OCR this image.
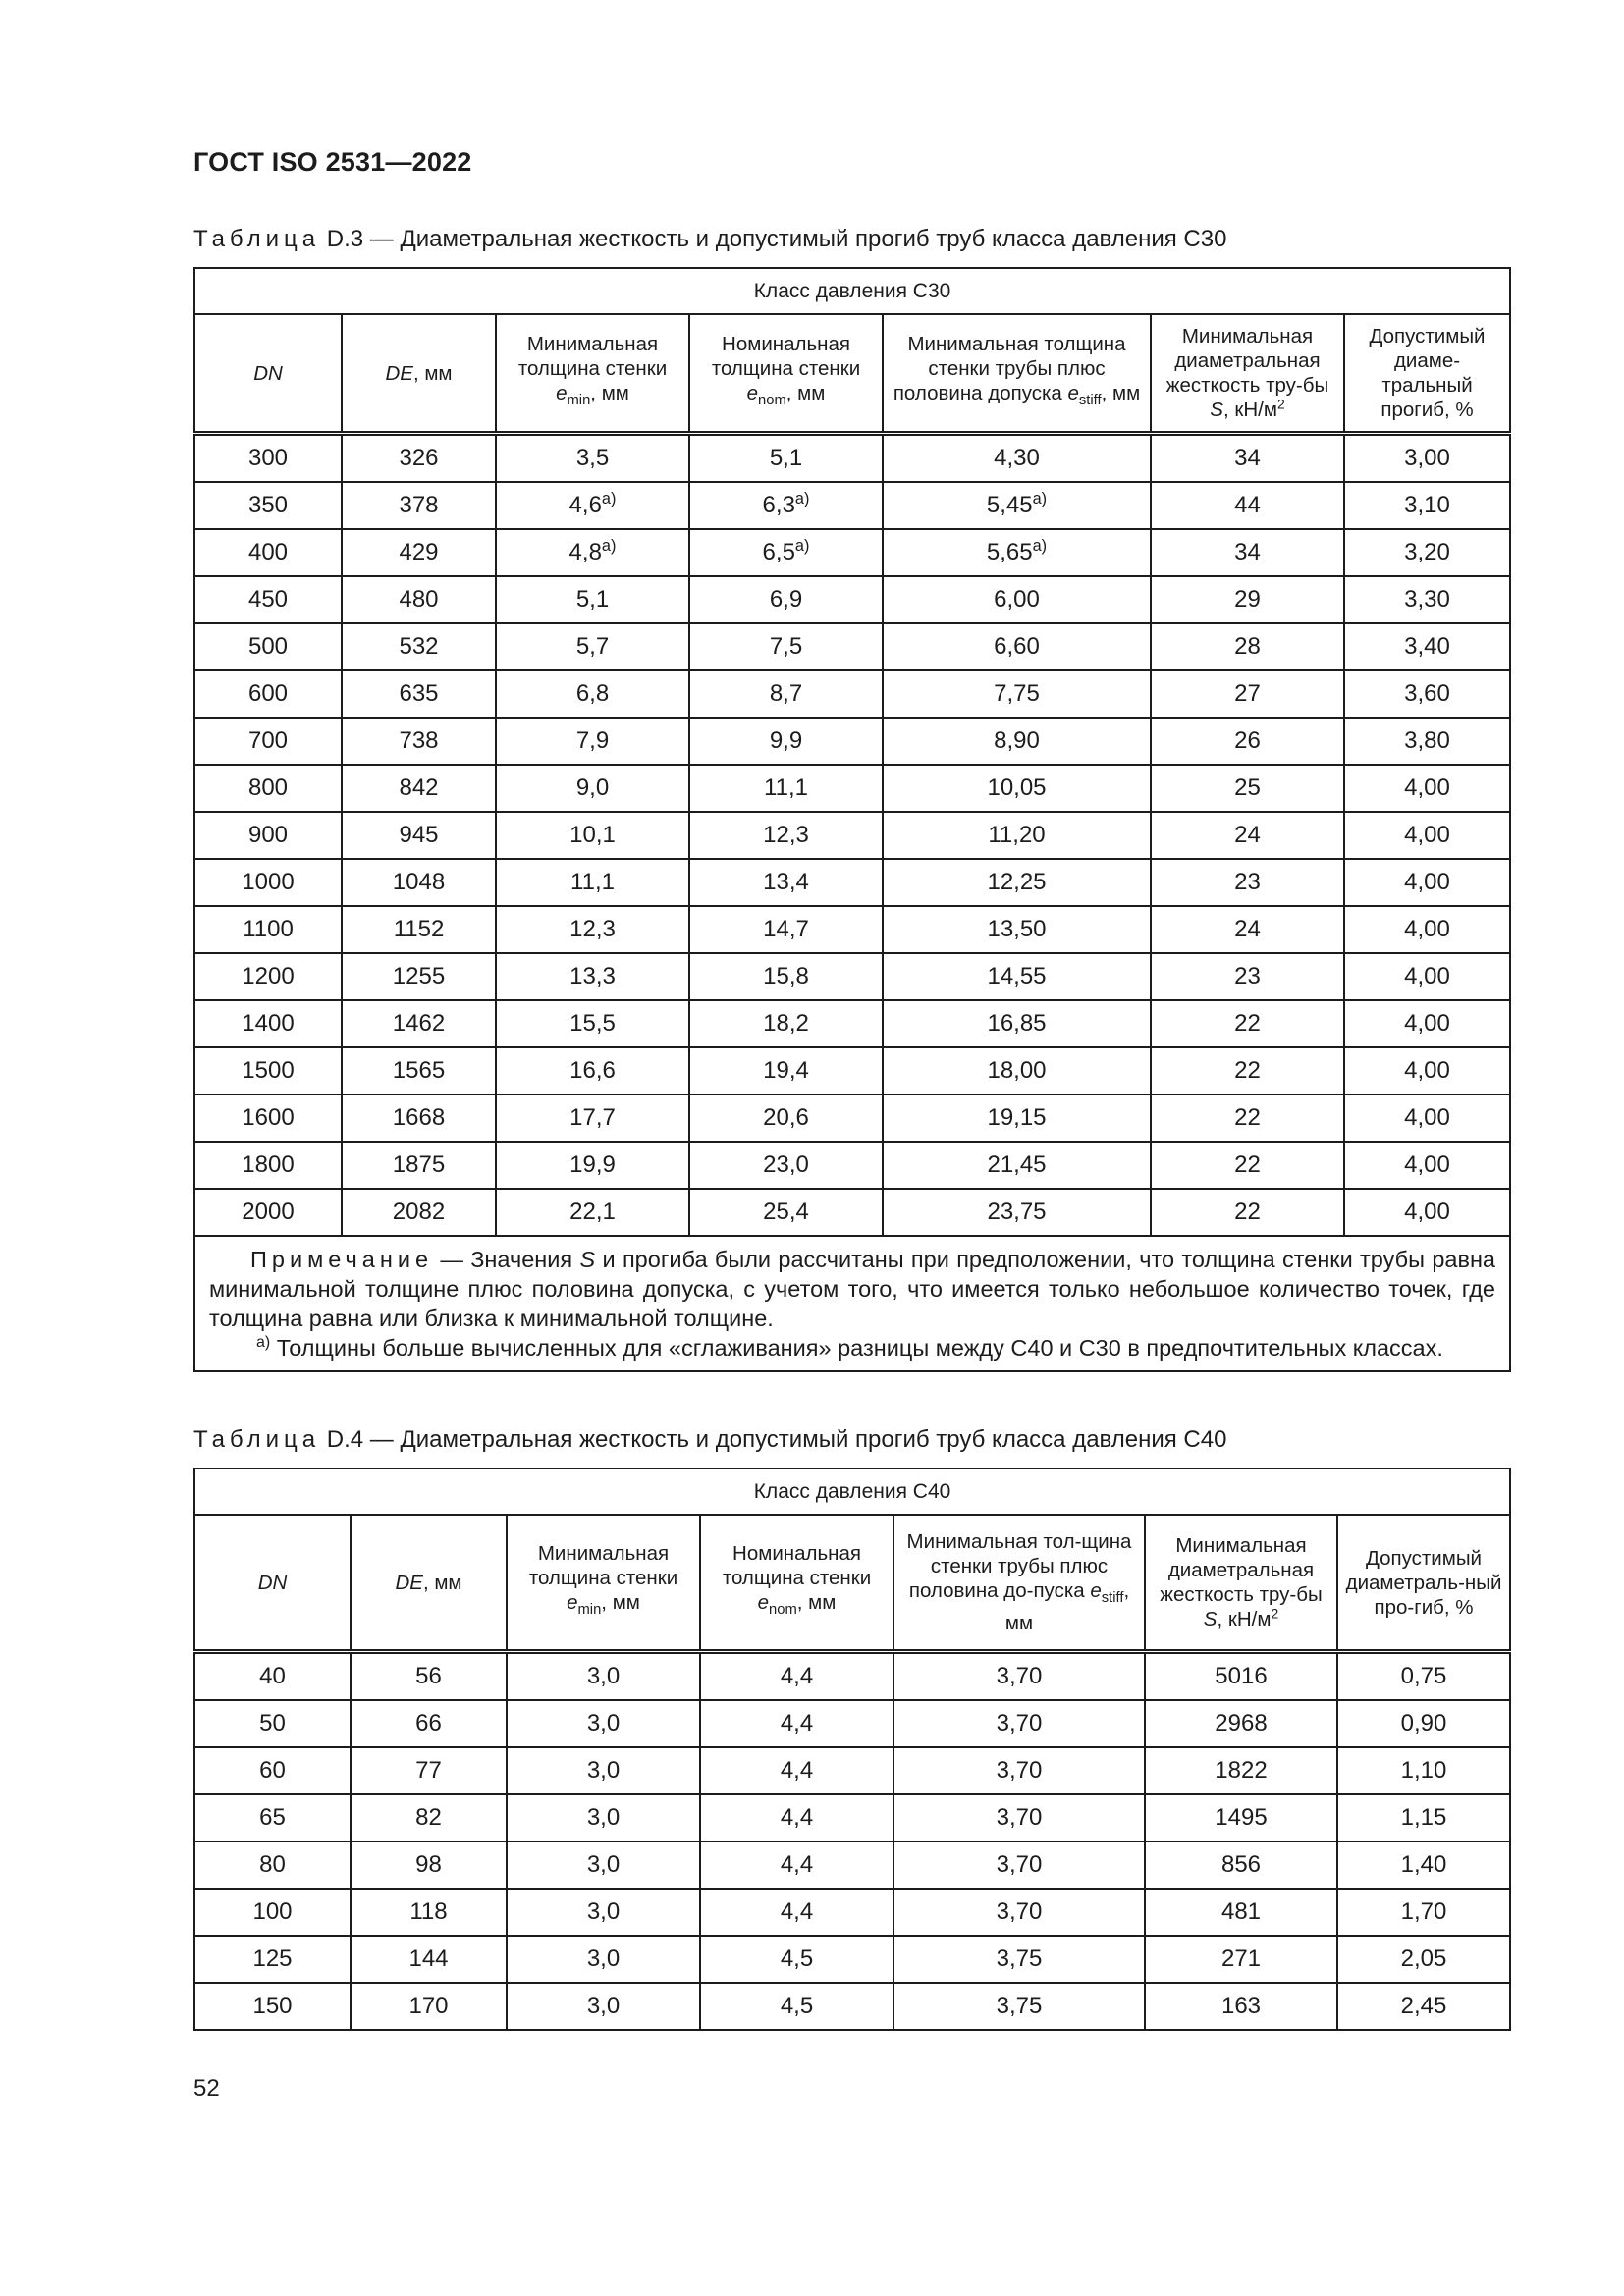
ГОСТ ISO 2531—2022
Таблица D.3 — Диаметральная жесткость и допустимый прогиб труб класса давления С30
Класс давления С30						
DN	DE, мм	Минимальная толщина стенки $e_{min}$, мм	Номинальная толщина стенки $e_{nom}$, мм	Минимальная толщина стенки трубы плюс половина допуска $e_{stiff}$, мм	Минимальная диаметральная жесткость тру-бы S, $кН/м^2$	Допустимый диаме-тральный прогиб, %
300	326	3,5	5,1	4,30	34	3,00
350	378	4,6$^{a)}$	6,3$^{a)}$	5,45$^{a)}$	44	3,10
400	429	4,8$^{a)}$	6,5$^{a)}$	5,65$^{a)}$	34	3,20
450	480	5,1	6,9	6,00	29	3,30
500	532	5,7	7,5	6,60	28	3,40
600	635	6,8	8,7	7,75	27	3,60
700	738	7,9	9,9	8,90	26	3,80
800	842	9,0	11,1	10,05	25	4,00
900	945	10,1	12,3	11,20	24	4,00
1000	1048	11,1	13,4	12,25	23	4,00
1100	1152	12,3	14,7	13,50	24	4,00
1200	1255	13,3	15,8	14,55	23	4,00
1400	1462	15,5	18,2	16,85	22	4,00
1500	1565	16,6	19,4	18,00	22	4,00
1600	1668	17,7	20,6	19,15	22	4,00
1800	1875	19,9	23,0	21,45	22	4,00
2000	2082	22,1	25,4	23,75	22	4,00

Примечание — Значения S и прогиба были рассчитаны при предположении, что толщина стенки трубы равна минимальной толщине плюс половина допуска, с учетом того, что имеется только небольшое количество точек, где толщина равна или близка к минимальной толщине.
$^{a)}$ Толщины больше вычисленных для «сглаживания» разницы между С40 и С30 в предпочтительных классах.						
Таблица D.4 — Диаметральная жесткость и допустимый прогиб труб класса давления С40
Класс давления С40						
DN	DE, мм	Минимальная толщина стенки $e_{min}$, мм	Номинальная толщина стенки $e_{nom}$, мм	Минимальная тол-щина стенки трубы плюс половина до-пуска $e_{stiff}$, мм	Минимальная диаметральная жесткость тру-бы S, $кН/м^2$	Допустимый диаметраль-ный про-гиб, %
40	56	3,0	4,4	3,70	5016	0,75
50	66	3,0	4,4	3,70	2968	0,90
60	77	3,0	4,4	3,70	1822	1,10
65	82	3,0	4,4	3,70	1495	1,15
80	98	3,0	4,4	3,70	856	1,40
100	118	3,0	4,4	3,70	481	1,70
125	144	3,0	4,5	3,75	271	2,05
150	170	3,0	4,5	3,75	163	2,45
52
